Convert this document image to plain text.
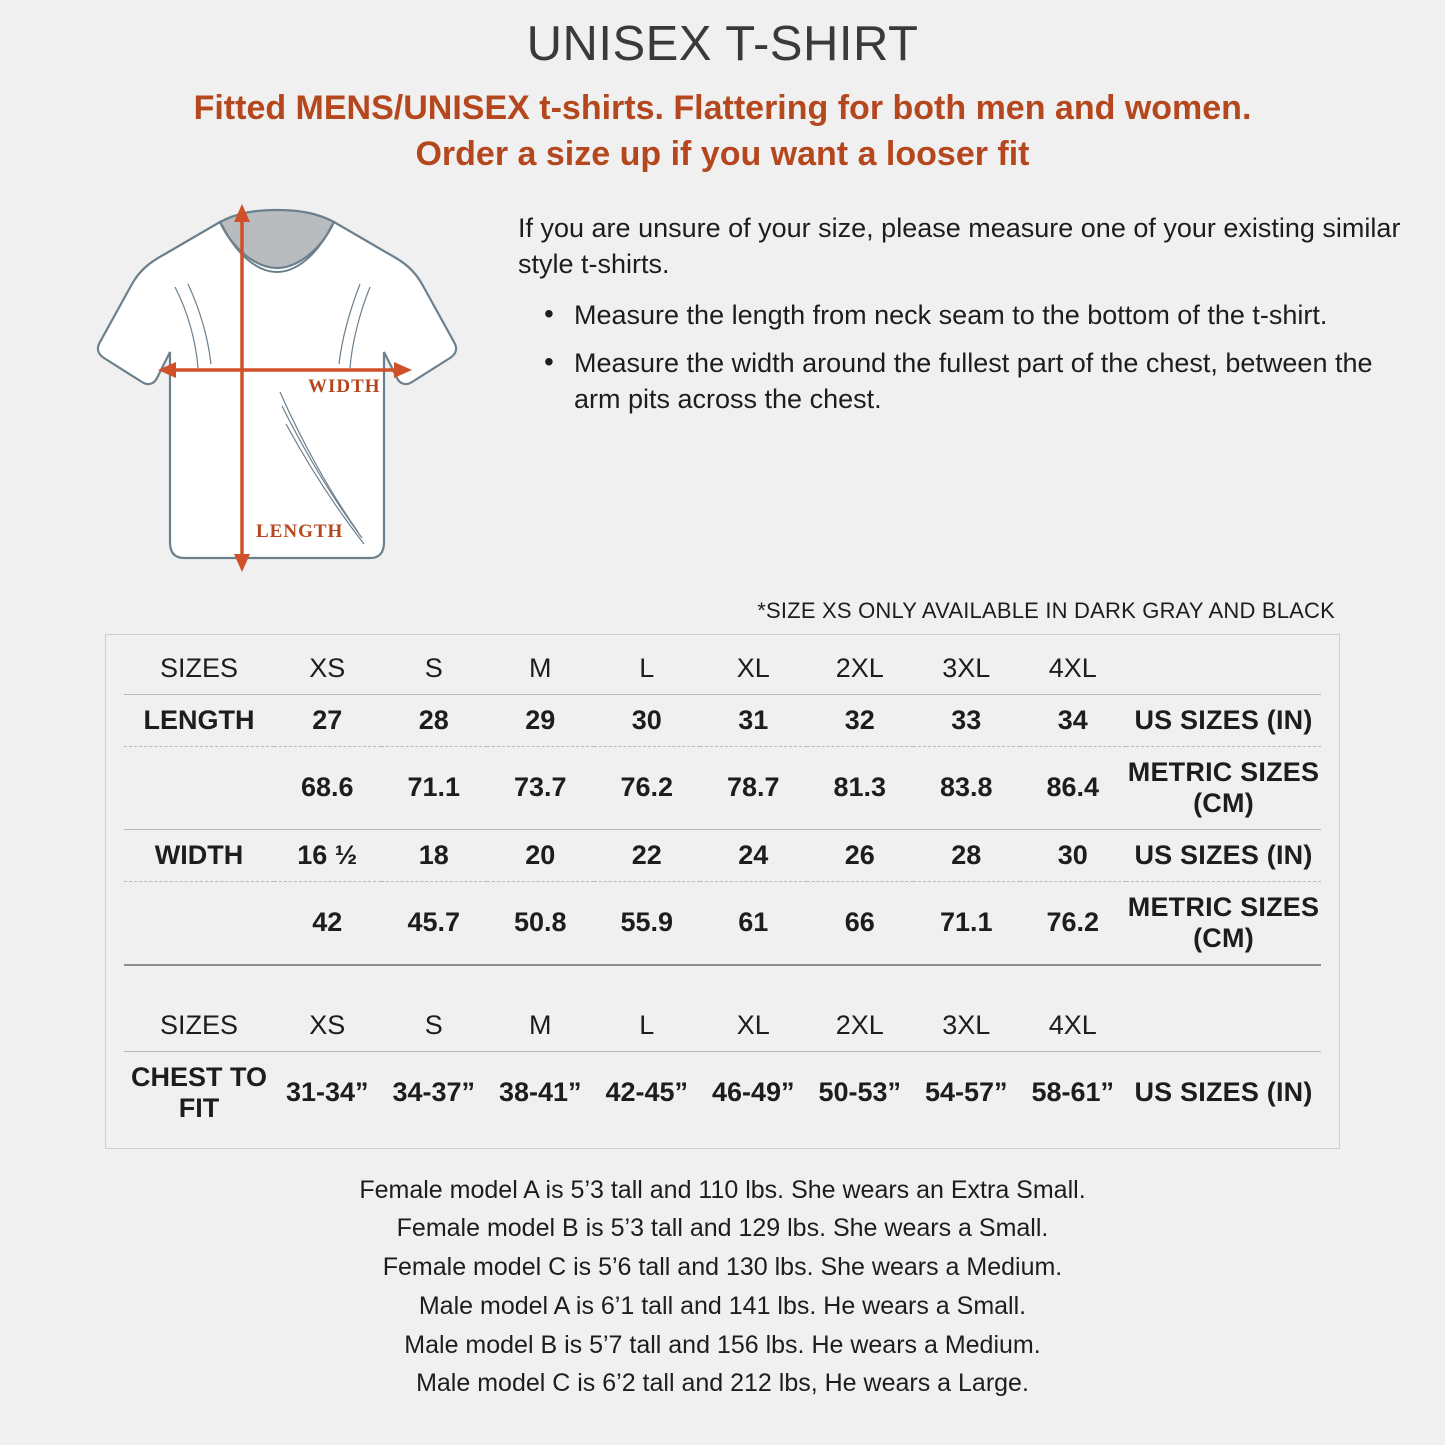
UNISEX T-SHIRT
Fitted MENS/UNISEX t-shirts. Flattering for both men and women.
Order a size up if you want a looser fit
WIDTH
LENGTH
If you are unsure of your size, please measure one of your existing similar style t-shirts.
• Measure the length from neck seam to the bottom of the t-shirt.
• Measure the width around the fullest part of the chest, between the arm pits across the chest.
*SIZE XS ONLY AVAILABLE IN DARK GRAY AND BLACK
SIZES	XS	S	M	L	XL	2XL	3XL	4XL	
LENGTH	27	28	29	30	31	32	33	34	US SIZES (IN)
	68.6	71.1	73.7	76.2	78.7	81.3	83.8	86.4	METRIC SIZES (CM)
WIDTH	16 ½	18	20	22	24	26	28	30	US SIZES (IN)
	42	45.7	50.8	55.9	61	66	71.1	76.2	METRIC SIZES (CM)

SIZES	XS	S	M	L	XL	2XL	3XL	4XL	
CHEST TO FIT	31-34”	34-37”	38-41”	42-45”	46-49”	50-53”	54-57”	58-61”	US SIZES (IN)
Female model A is 5’3 tall and 110 lbs. She wears an Extra Small.
Female model B is 5’3 tall and 129 lbs. She wears a Small.
Female model C is 5’6 tall and 130 lbs. She wears a Medium.
Male model A is 6’1 tall and 141 lbs. He wears a Small.
Male model B is 5’7 tall and 156 lbs. He wears a Medium.
Male model C is 6’2 tall and 212 lbs, He wears a Large.
